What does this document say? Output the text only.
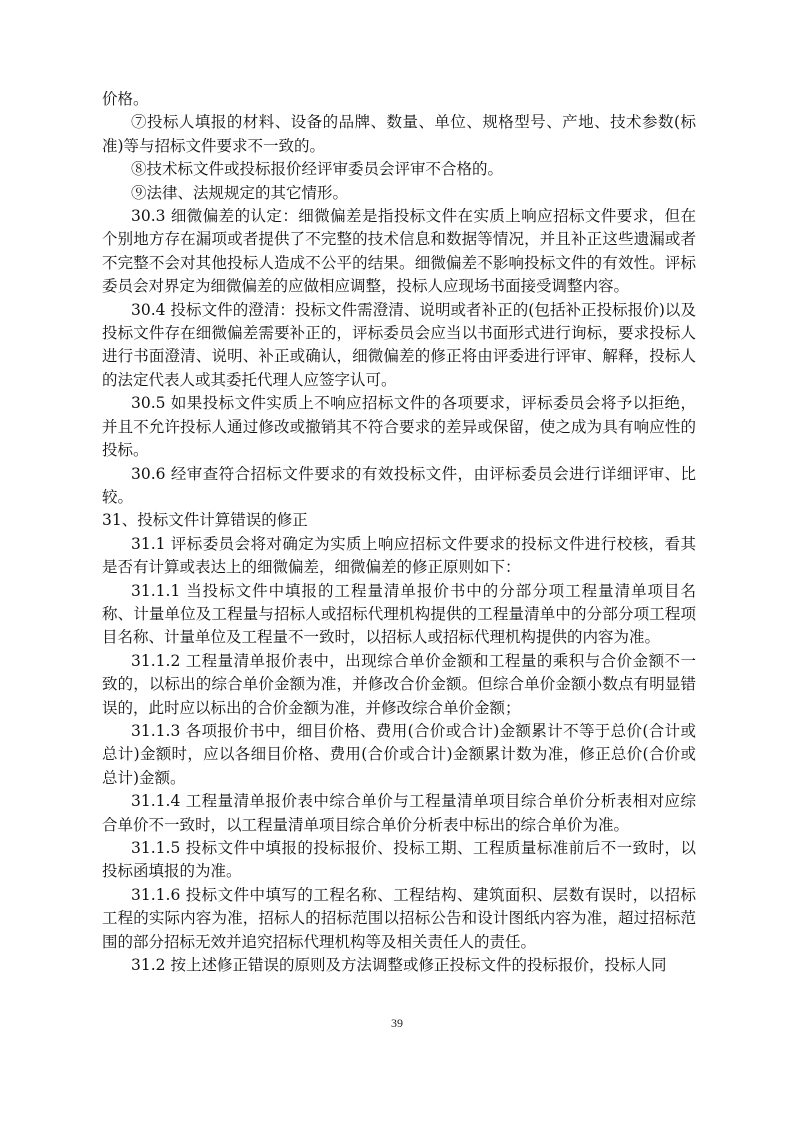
价格。

⑦投标人填报的材料、设备的品牌、数量、单位、规格型号、产地、技术参数(标准)等与招标文件要求不一致的。

⑧技术标文件或投标报价经评审委员会评审不合格的。

⑨法律、法规规定的其它情形。

30.3 细微偏差的认定：细微偏差是指投标文件在实质上响应招标文件要求，但在个别地方存在漏项或者提供了不完整的技术信息和数据等情况，并且补正这些遗漏或者不完整不会对其他投标人造成不公平的结果。细微偏差不影响投标文件的有效性。评标委员会对界定为细微偏差的应做相应调整，投标人应现场书面接受调整内容。

30.4 投标文件的澄清：投标文件需澄清、说明或者补正的(包括补正投标报价)以及投标文件存在细微偏差需要补正的，评标委员会应当以书面形式进行询标，要求投标人进行书面澄清、说明、补正或确认，细微偏差的修正将由评委进行评审、解释，投标人的法定代表人或其委托代理人应签字认可。

30.5 如果投标文件实质上不响应招标文件的各项要求，评标委员会将予以拒绝，并且不允许投标人通过修改或撤销其不符合要求的差异或保留，使之成为具有响应性的投标。

30.6 经审查符合招标文件要求的有效投标文件，由评标委员会进行详细评审、比较。

31、投标文件计算错误的修正

31.1 评标委员会将对确定为实质上响应招标文件要求的投标文件进行校核，看其是否有计算或表达上的细微偏差，细微偏差的修正原则如下：

31.1.1 当投标文件中填报的工程量清单报价书中的分部分项工程量清单项目名称、计量单位及工程量与招标人或招标代理机构提供的工程量清单中的分部分项工程项目名称、计量单位及工程量不一致时，以招标人或招标代理机构提供的内容为准。

31.1.2 工程量清单报价表中，出现综合单价金额和工程量的乘积与合价金额不一致的，以标出的综合单价金额为准，并修改合价金额。但综合单价金额小数点有明显错误的，此时应以标出的合价金额为准，并修改综合单价金额；

31.1.3 各项报价书中，细目价格、费用(合价或合计)金额累计不等于总价(合计或总计)金额时，应以各细目价格、费用(合价或合计)金额累计数为准，修正总价(合价或总计)金额。

31.1.4 工程量清单报价表中综合单价与工程量清单项目综合单价分析表相对应综合单价不一致时，以工程量清单项目综合单价分析表中标出的综合单价为准。

31.1.5 投标文件中填报的投标报价、投标工期、工程质量标准前后不一致时，以投标函填报的为准。

31.1.6 投标文件中填写的工程名称、工程结构、建筑面积、层数有误时，以招标工程的实际内容为准，招标人的招标范围以招标公告和设计图纸内容为准，超过招标范围的部分招标无效并追究招标代理机构等及相关责任人的责任。

31.2 按上述修正错误的原则及方法调整或修正投标文件的投标报价，投标人同

39
